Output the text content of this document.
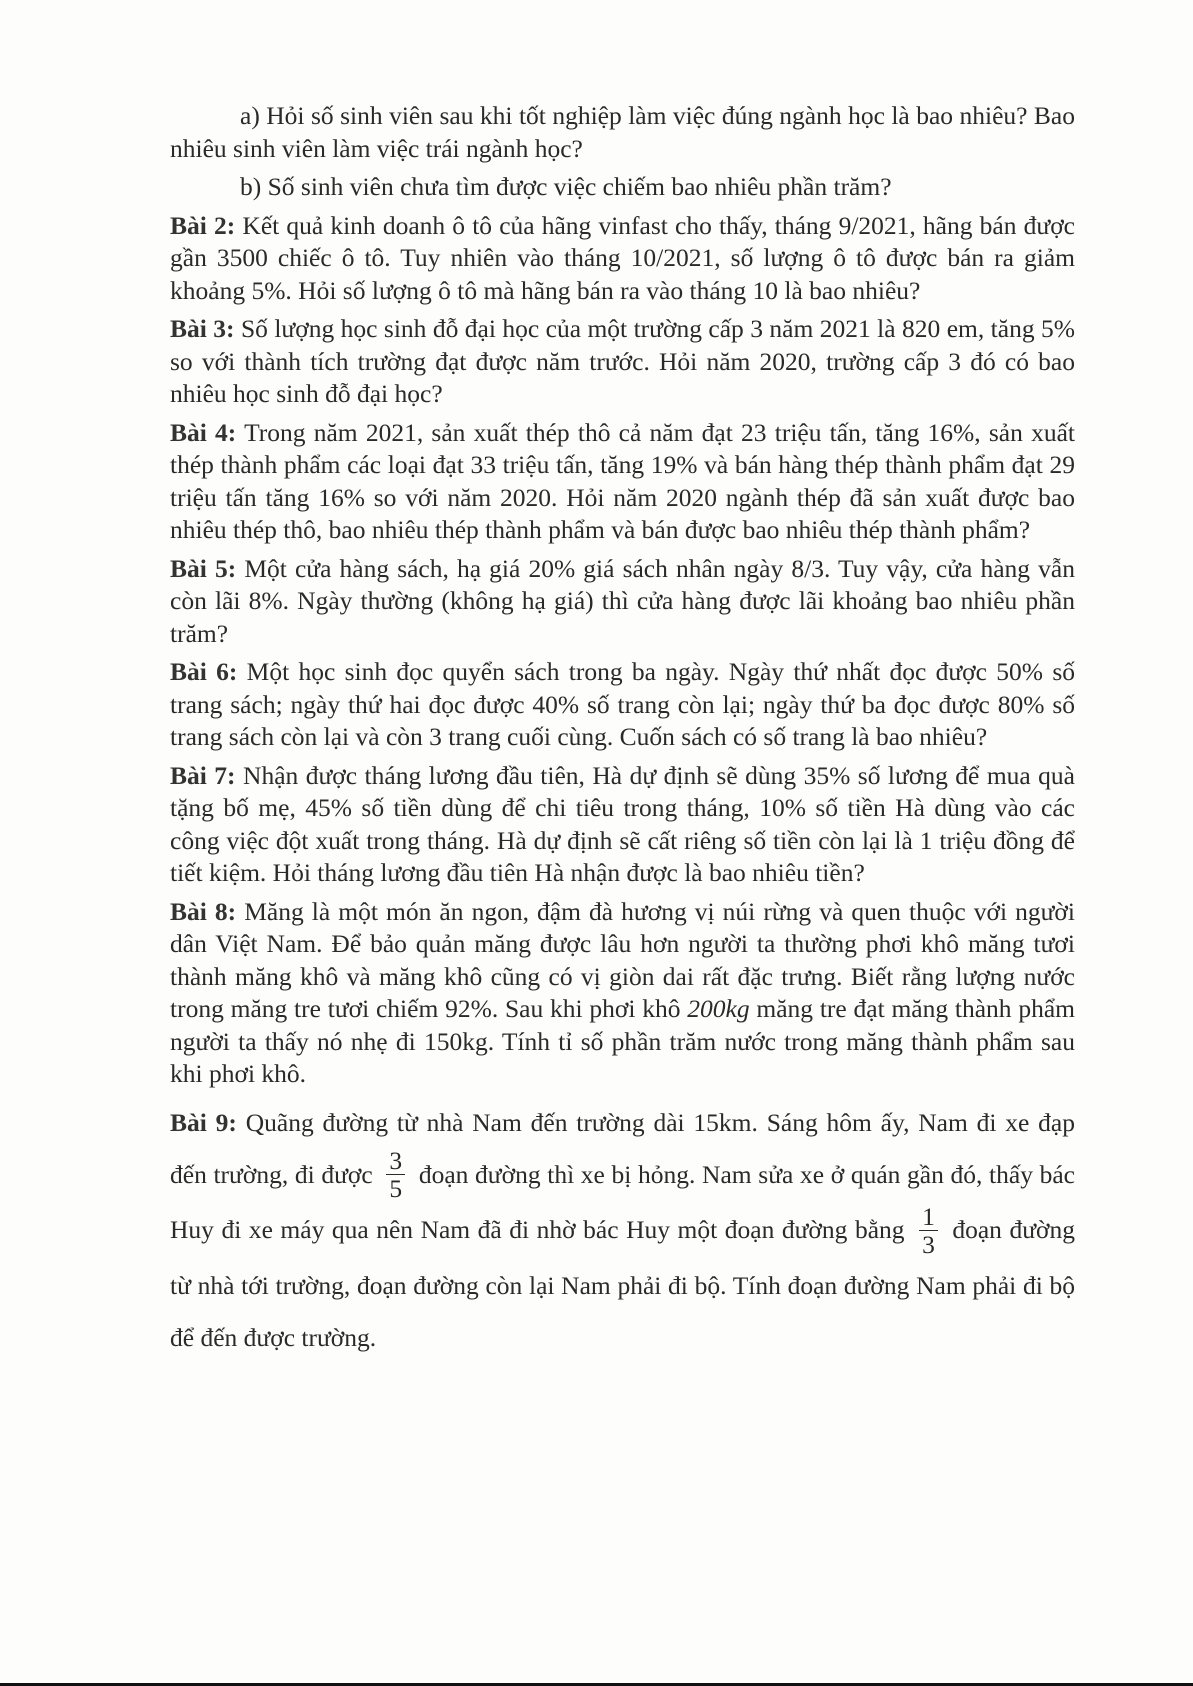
a) Hỏi số sinh viên sau khi tốt nghiệp làm việc đúng ngành học là bao nhiêu? Bao nhiêu sinh viên làm việc trái ngành học?

b) Số sinh viên chưa tìm được việc chiếm bao nhiêu phần trăm?

Bài 2: Kết quả kinh doanh ô tô của hãng vinfast cho thấy, tháng 9/2021, hãng bán được gần 3500 chiếc ô tô. Tuy nhiên vào tháng 10/2021, số lượng ô tô được bán ra giảm khoảng 5%. Hỏi số lượng ô tô mà hãng bán ra vào tháng 10 là bao nhiêu?

Bài 3: Số lượng học sinh đỗ đại học của một trường cấp 3 năm 2021 là 820 em, tăng 5% so với thành tích trường đạt được năm trước. Hỏi năm 2020, trường cấp 3 đó có bao nhiêu học sinh đỗ đại học?

Bài 4: Trong năm 2021, sản xuất thép thô cả năm đạt 23 triệu tấn, tăng 16%, sản xuất thép thành phẩm các loại đạt 33 triệu tấn, tăng 19% và bán hàng thép thành phẩm đạt 29 triệu tấn tăng 16% so với năm 2020. Hỏi năm 2020 ngành thép đã sản xuất được bao nhiêu thép thô, bao nhiêu thép thành phẩm và bán được bao nhiêu thép thành phẩm?

Bài 5: Một cửa hàng sách, hạ giá 20% giá sách nhân ngày 8/3. Tuy vậy, cửa hàng vẫn còn lãi 8%. Ngày thường (không hạ giá) thì cửa hàng được lãi khoảng bao nhiêu phần trăm?

Bài 6: Một học sinh đọc quyển sách trong ba ngày. Ngày thứ nhất đọc được 50% số trang sách; ngày thứ hai đọc được 40% số trang còn lại; ngày thứ ba đọc được 80% số trang sách còn lại và còn 3 trang cuối cùng. Cuốn sách có số trang là bao nhiêu?

Bài 7: Nhận được tháng lương đầu tiên, Hà dự định sẽ dùng 35% số lương để mua quà tặng bố mẹ, 45% số tiền dùng để chi tiêu trong tháng, 10% số tiền Hà dùng vào các công việc đột xuất trong tháng. Hà dự định sẽ cất riêng số tiền còn lại là 1 triệu đồng để tiết kiệm. Hỏi tháng lương đầu tiên Hà nhận được là bao nhiêu tiền?

Bài 8: Măng là một món ăn ngon, đậm đà hương vị núi rừng và quen thuộc với người dân Việt Nam. Để bảo quản măng được lâu hơn người ta thường phơi khô măng tươi thành măng khô và măng khô cũng có vị giòn dai rất đặc trưng. Biết rằng lượng nước trong măng tre tươi chiếm 92%. Sau khi phơi khô 200kg măng tre đạt măng thành phẩm người ta thấy nó nhẹ đi 150kg. Tính tỉ số phần trăm nước trong măng thành phẩm sau khi phơi khô.

Bài 9: Quãng đường từ nhà Nam đến trường dài 15km. Sáng hôm ấy, Nam đi xe đạp đến trường, đi được $\frac{3}{5}$ đoạn đường thì xe bị hỏng. Nam sửa xe ở quán gần đó, thấy bác Huy đi xe máy qua nên Nam đã đi nhờ bác Huy một đoạn đường bằng $\frac{1}{3}$ đoạn đường từ nhà tới trường, đoạn đường còn lại Nam phải đi bộ. Tính đoạn đường Nam phải đi bộ để đến được trường.
